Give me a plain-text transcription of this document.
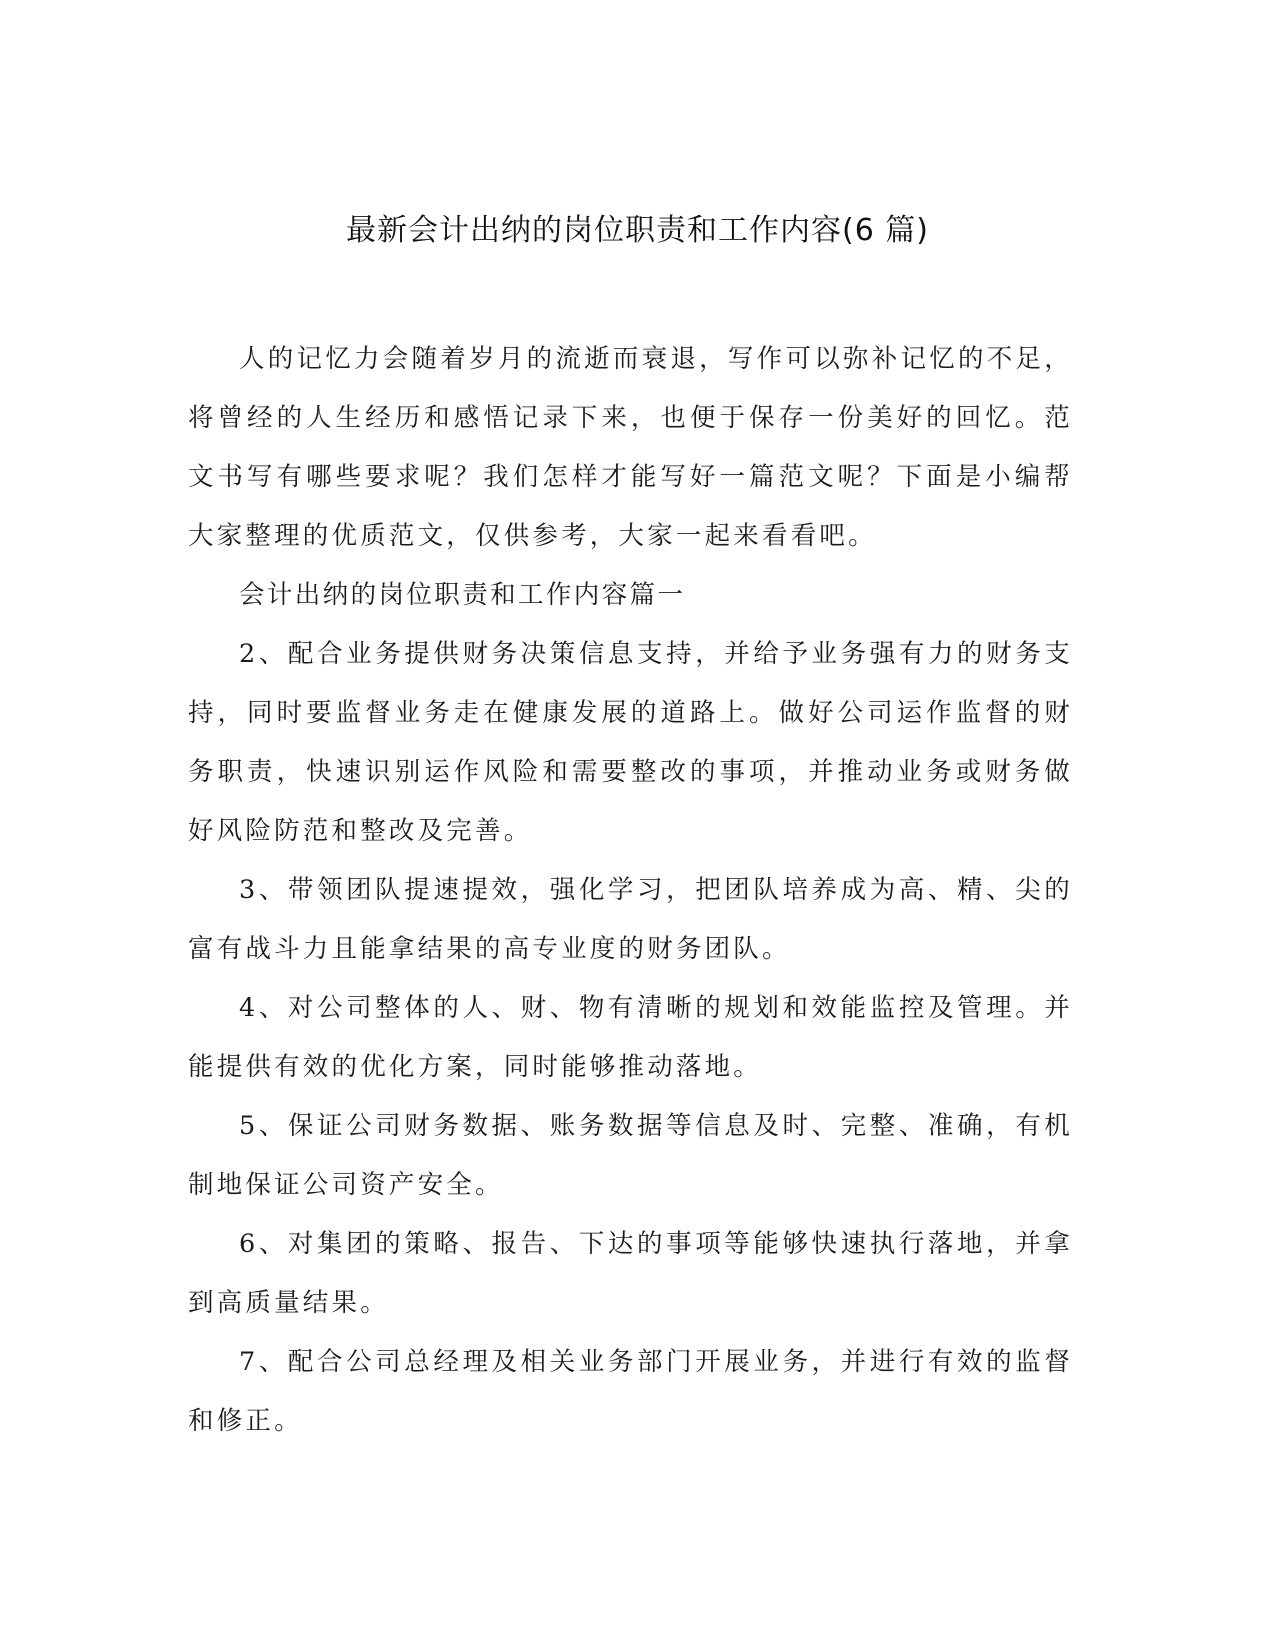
最新会计出纳的岗位职责和工作内容(6 篇)

人的记忆力会随着岁月的流逝而衰退，写作可以弥补记忆的不足，将曾经的人生经历和感悟记录下来，也便于保存一份美好的回忆。范文书写有哪些要求呢？我们怎样才能写好一篇范文呢？下面是小编帮大家整理的优质范文，仅供参考，大家一起来看看吧。

会计出纳的岗位职责和工作内容篇一

2、配合业务提供财务决策信息支持，并给予业务强有力的财务支持，同时要监督业务走在健康发展的道路上。做好公司运作监督的财务职责，快速识别运作风险和需要整改的事项，并推动业务或财务做好风险防范和整改及完善。

3、带领团队提速提效，强化学习，把团队培养成为高、精、尖的富有战斗力且能拿结果的高专业度的财务团队。

4、对公司整体的人、财、物有清晰的规划和效能监控及管理。并能提供有效的优化方案，同时能够推动落地。

5、保证公司财务数据、账务数据等信息及时、完整、准确，有机制地保证公司资产安全。

6、对集团的策略、报告、下达的事项等能够快速执行落地，并拿到高质量结果。

7、配合公司总经理及相关业务部门开展业务，并进行有效的监督和修正。
